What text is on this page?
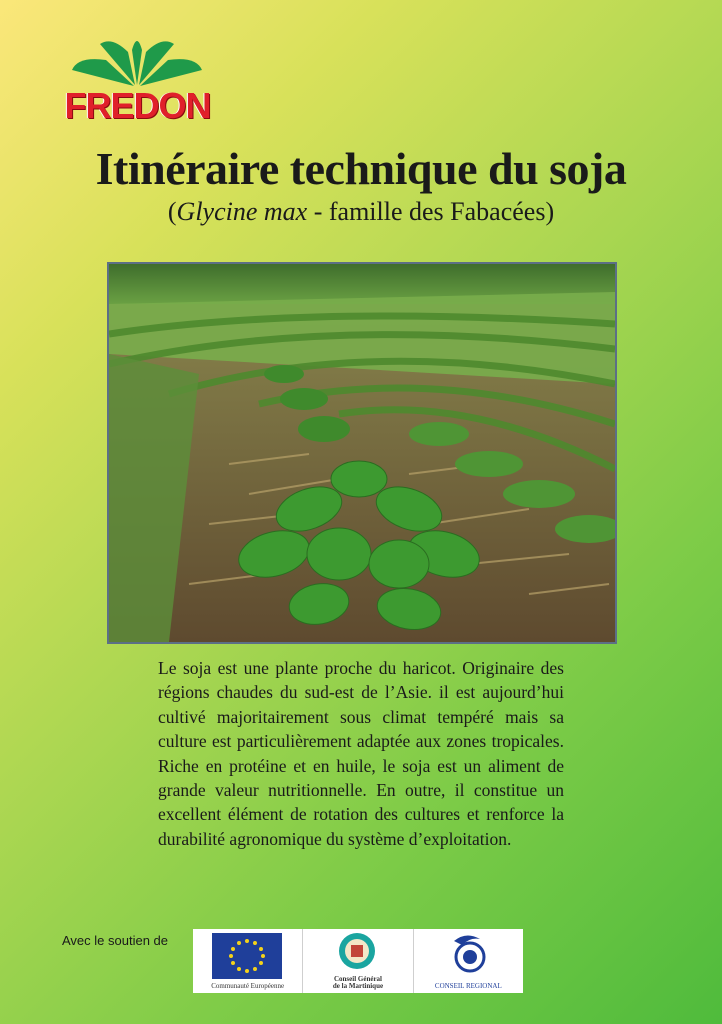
FREDON
Itinéraire technique du soja
(Glycine max - famille des Fabacées)

Le soja est une plante proche du haricot. Originaire des régions chaudes du sud-est de l’Asie. il est aujourd’hui cultivé majoritairement sous climat tempéré mais sa culture est particulièrement adaptée aux zones tropicales. Riche en protéine et en huile, le soja est un aliment de grande valeur nutritionnelle. En outre, il constitue un excellent élément de rotation des cultures et renforce la durabilité agronomique du système d’exploitation.

Avec le soutien de
Communauté Européenne
Conseil Général
de la Martinique	CONSEIL REGIONAL
